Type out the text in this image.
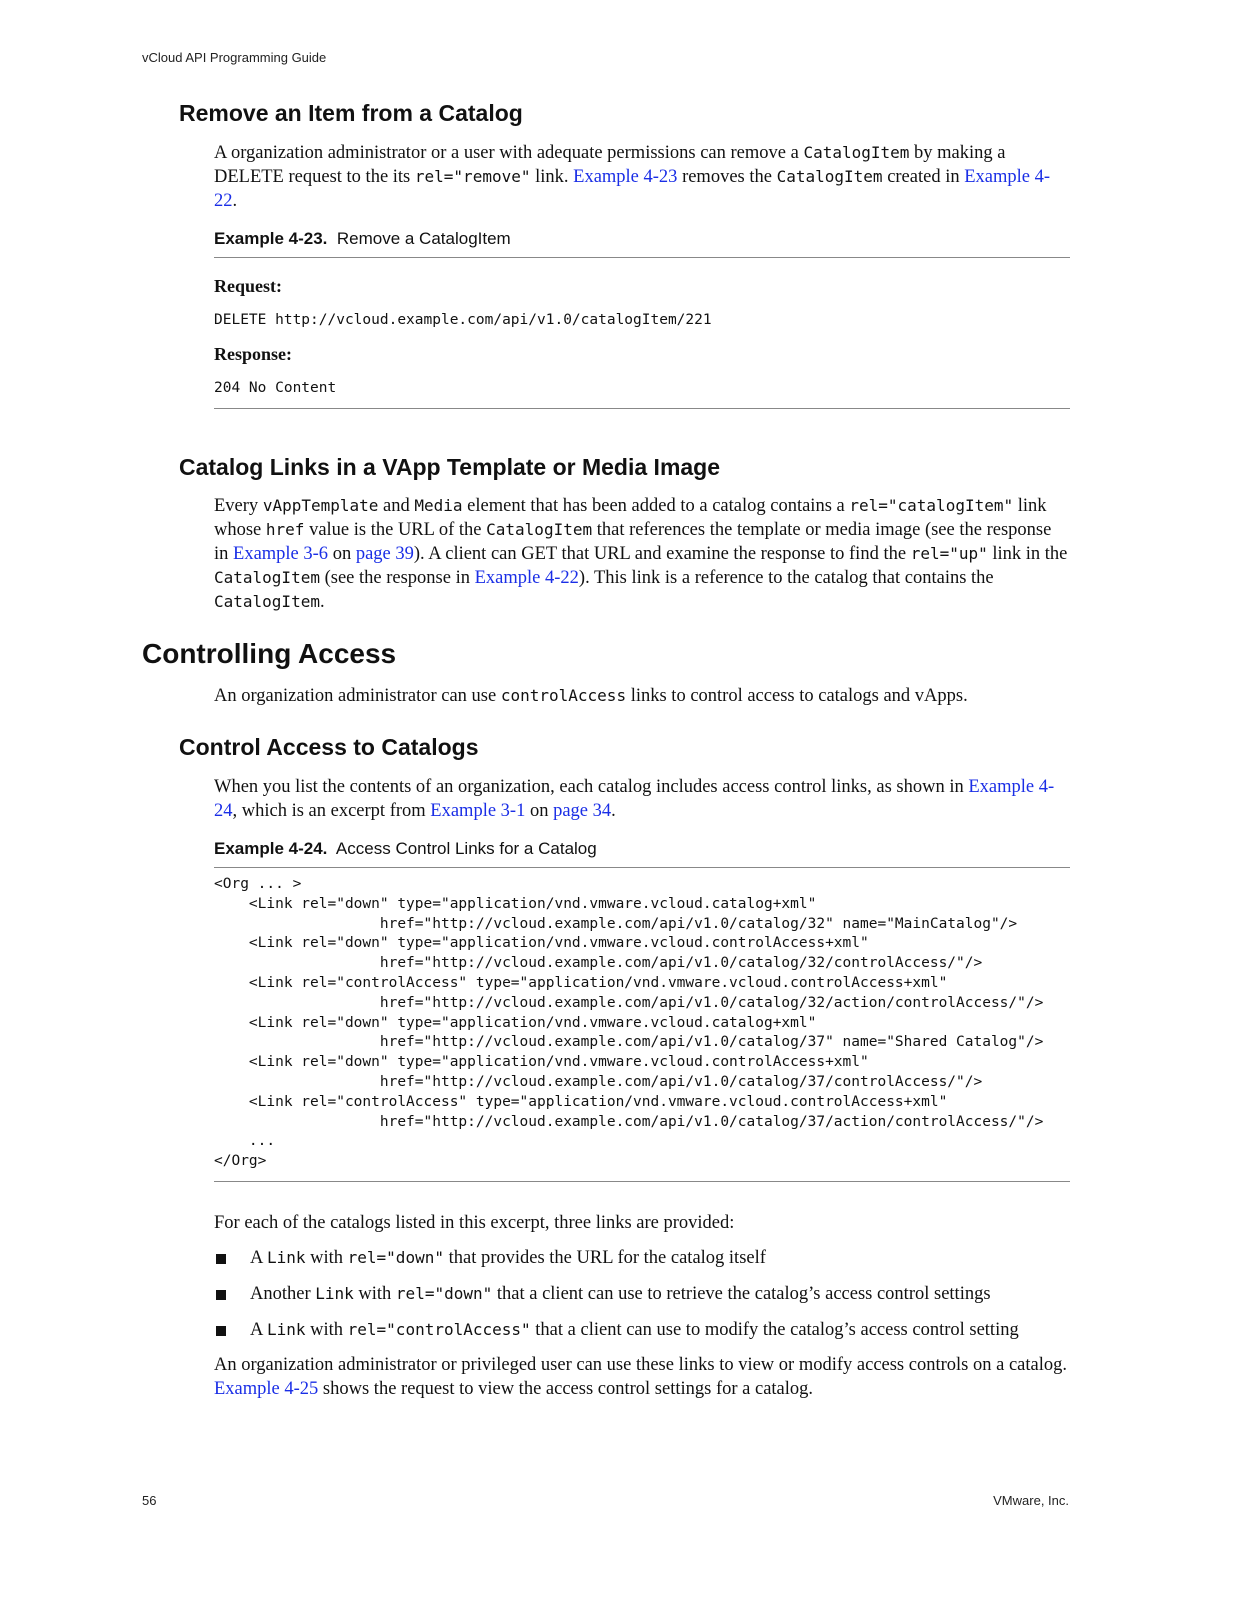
vCloud API Programming Guide
Remove an Item from a Catalog

A organization administrator or a user with adequate permissions can remove a CatalogItem by making a DELETE request to the its rel="remove" link. Example 4-23 removes the CatalogItem created in Example 4-22.

Example 4-23. Remove a CatalogItem
Request:
DELETE http://vcloud.example.com/api/v1.0/catalogItem/221
Response:
204 No Content
Catalog Links in a VApp Template or Media Image

Every vAppTemplate and Media element that has been added to a catalog contains a rel="catalogItem" link whose href value is the URL of the CatalogItem that references the template or media image (see the response in Example 3-6 on page 39). A client can GET that URL and examine the response to find the rel="up" link in the CatalogItem (see the response in Example 4-22). This link is a reference to the catalog that contains the CatalogItem.

Controlling Access

An organization administrator can use controlAccess links to control access to catalogs and vApps.

Control Access to Catalogs

When you list the contents of an organization, each catalog includes access control links, as shown in Example 4-24, which is an excerpt from Example 3-1 on page 34.

Example 4-24. Access Control Links for a Catalog
<Org ... >
<Link rel="down" type="application/vnd.vmware.vcloud.catalog+xml"
href="http://vcloud.example.com/api/v1.0/catalog/32" name="MainCatalog"/>
<Link rel="down" type="application/vnd.vmware.vcloud.controlAccess+xml"
href="http://vcloud.example.com/api/v1.0/catalog/32/controlAccess/"/>
<Link rel="controlAccess" type="application/vnd.vmware.vcloud.controlAccess+xml"
href="http://vcloud.example.com/api/v1.0/catalog/32/action/controlAccess/"/>
<Link rel="down" type="application/vnd.vmware.vcloud.catalog+xml"
href="http://vcloud.example.com/api/v1.0/catalog/37" name="Shared Catalog"/>
<Link rel="down" type="application/vnd.vmware.vcloud.controlAccess+xml"
href="http://vcloud.example.com/api/v1.0/catalog/37/controlAccess/"/>
<Link rel="controlAccess" type="application/vnd.vmware.vcloud.controlAccess+xml"
href="http://vcloud.example.com/api/v1.0/catalog/37/action/controlAccess/"/>
...
</Org>

For each of the catalogs listed in this excerpt, three links are provided:

A Link with rel="down" that provides the URL for the catalog itself

Another Link with rel="down" that a client can use to retrieve the catalog’s access control settings

A Link with rel="controlAccess" that a client can use to modify the catalog’s access control setting

An organization administrator or privileged user can use these links to view or modify access controls on a catalog. Example 4-25 shows the request to view the access control settings for a catalog.

56	VMware, Inc.
